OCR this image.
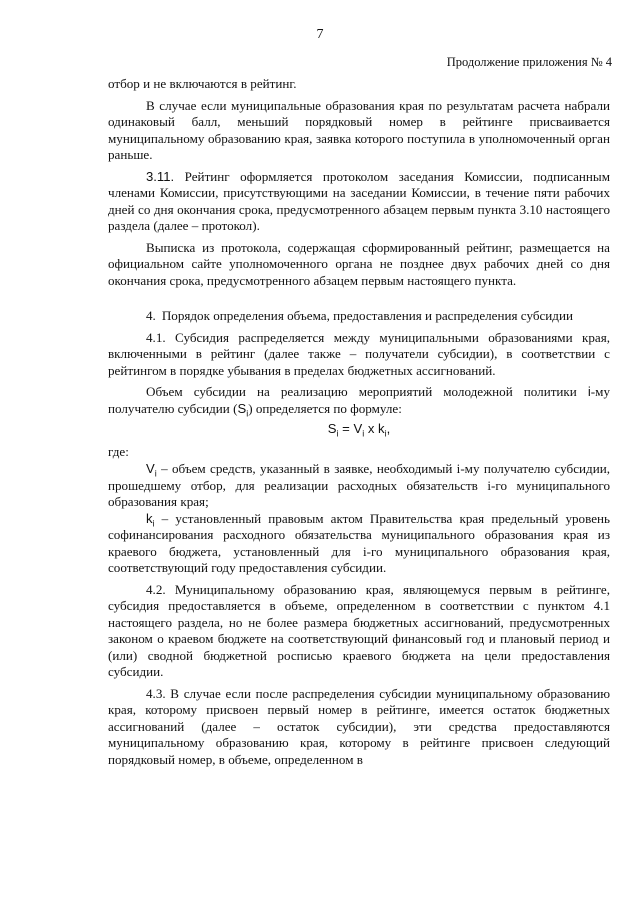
7
Продолжение приложения № 4

отбор и не включаются в рейтинг.

В случае если муниципальные образования края по результатам расчета набрали одинаковый балл, меньший порядковый номер в рейтинге присваивается муниципальному образованию края, заявка которого поступила в уполномоченный орган раньше.

3.11. Рейтинг оформляется протоколом заседания Комиссии, подписанным членами Комиссии, присутствующими на заседании Комиссии, в течение пяти рабочих дней со дня окончания срока, предусмотренного абзацем первым пункта 3.10 настоящего раздела (далее – протокол).

Выписка из протокола, содержащая сформированный рейтинг, размещается на официальном сайте уполномоченного органа не позднее двух рабочих дней со дня окончания срока, предусмотренного абзацем первым настоящего пункта.

4. Порядок определения объема, предоставления и распределения субсидии

4.1. Субсидия распределяется между муниципальными образованиями края, включенными в рейтинг (далее также – получатели субсидии), в соответствии с рейтингом в порядке убывания в пределах бюджетных ассигнований.

Объем субсидии на реализацию мероприятий молодежной политики i-му получателю субсидии $(S_i)$ определяется по формуле:

$S_i = V_i$ x $k_i$,

где:

$V_i$ – объем средств, указанный в заявке, необходимый i-му получателю субсидии, прошедшему отбор, для реализации расходных обязательств i-го муниципального образования края;

$k_i$ – установленный правовым актом Правительства края предельный уровень софинансирования расходного обязательства муниципального образования края из краевого бюджета, установленный для i-го муниципального образования края, соответствующий году предоставления субсидии.

4.2. Муниципальному образованию края, являющемуся первым в рейтинге, субсидия предоставляется в объеме, определенном в соответствии с пунктом 4.1 настоящего раздела, но не более размера бюджетных ассигнований, предусмотренных законом о краевом бюджете на соответствующий финансовый год и плановый период и (или) сводной бюджетной росписью краевого бюджета на цели предоставления субсидии.

4.3. В случае если после распределения субсидии муниципальному образованию края, которому присвоен первый номер в рейтинге, имеется остаток бюджетных ассигнований (далее – остаток субсидии), эти средства предоставляются муниципальному образованию края, которому в рейтинге присвоен следующий порядковый номер, в объеме, определенном в
